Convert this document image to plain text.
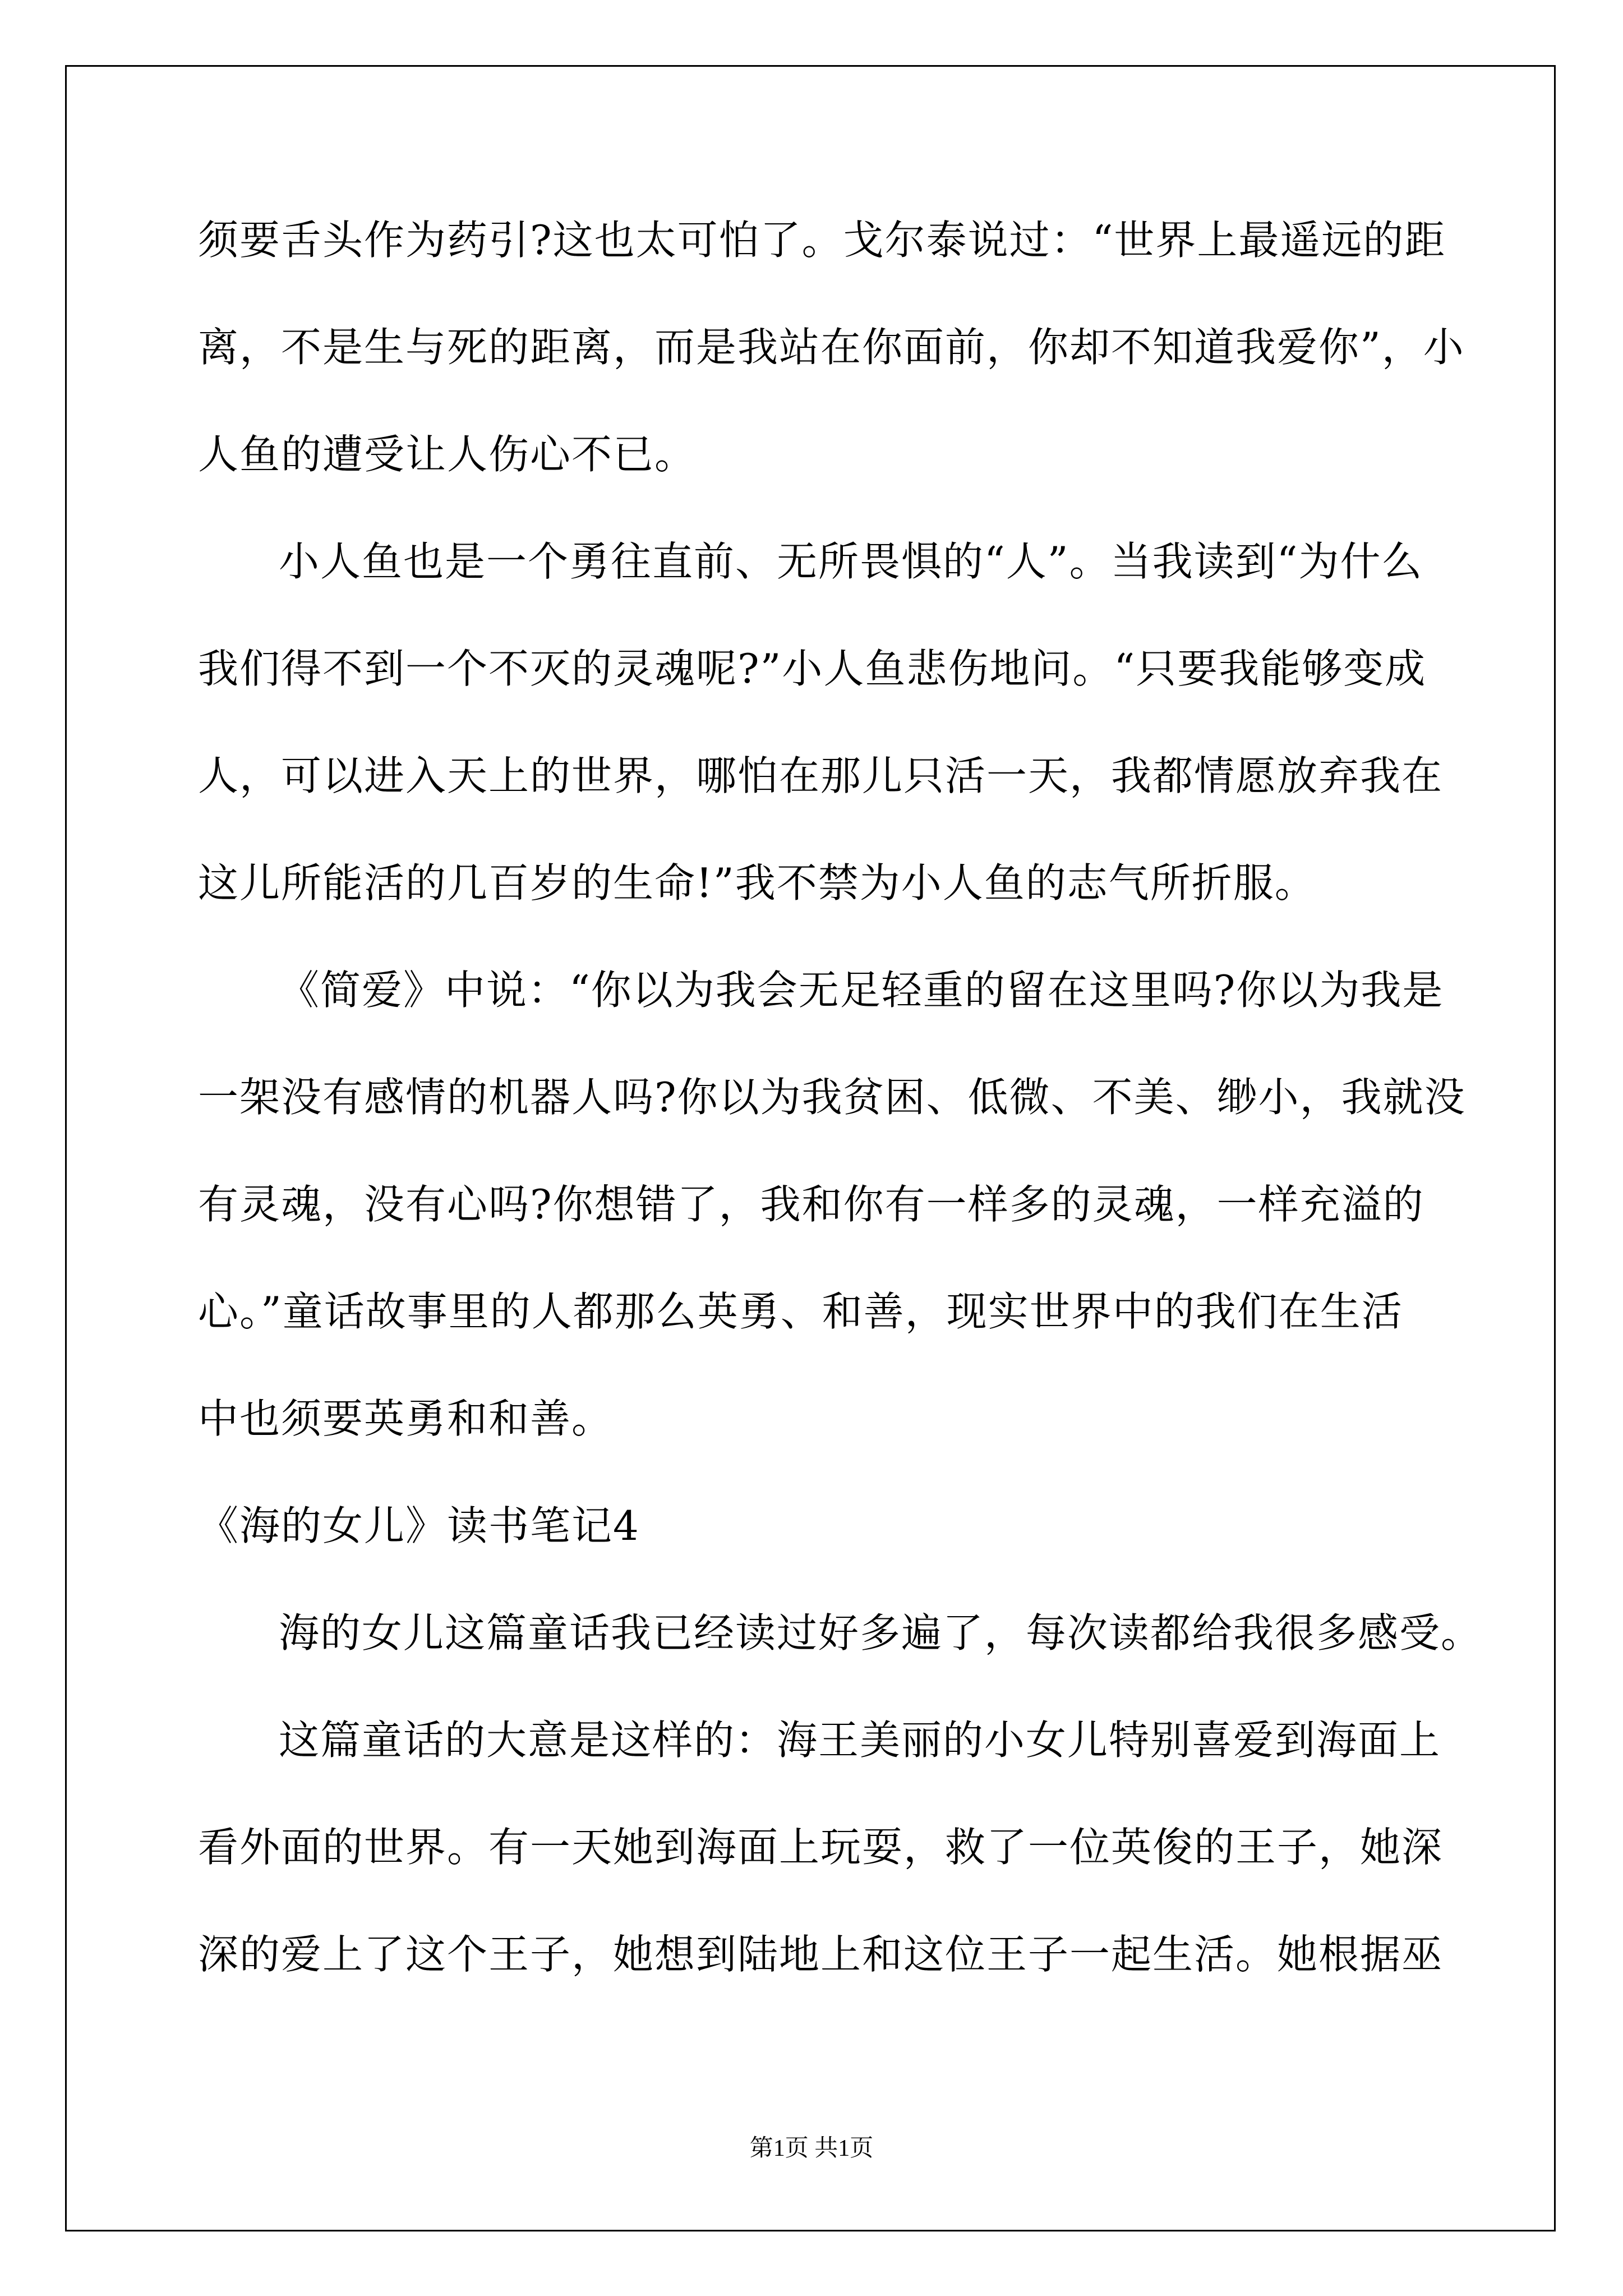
须要舌头作为药引?这也太可怕了。戈尔泰说过：“世界上最遥远的距
离，不是生与死的距离，而是我站在你面前，你却不知道我爱你”，小
人鱼的遭受让人伤心不已。
小人鱼也是一个勇往直前、无所畏惧的“人”。当我读到“为什么
我们得不到一个不灭的灵魂呢?”小人鱼悲伤地问。“只要我能够变成
人，可以进入天上的世界，哪怕在那儿只活一天，我都情愿放弃我在
这儿所能活的几百岁的生命!”我不禁为小人鱼的志气所折服。
《简爱》中说：“你以为我会无足轻重的留在这里吗?你以为我是
一架没有感情的机器人吗?你以为我贫困、低微、不美、缈小，我就没
有灵魂，没有心吗?你想错了，我和你有一样多的灵魂，一样充溢的
心。”童话故事里的人都那么英勇、和善，现实世界中的我们在生活
中也须要英勇和和善。
《海的女儿》读书笔记4
海的女儿这篇童话我已经读过好多遍了，每次读都给我很多感受。
这篇童话的大意是这样的：海王美丽的小女儿特别喜爱到海面上
看外面的世界。有一天她到海面上玩耍，救了一位英俊的王子，她深
深的爱上了这个王子，她想到陆地上和这位王子一起生活。她根据巫
第1页 共1页
